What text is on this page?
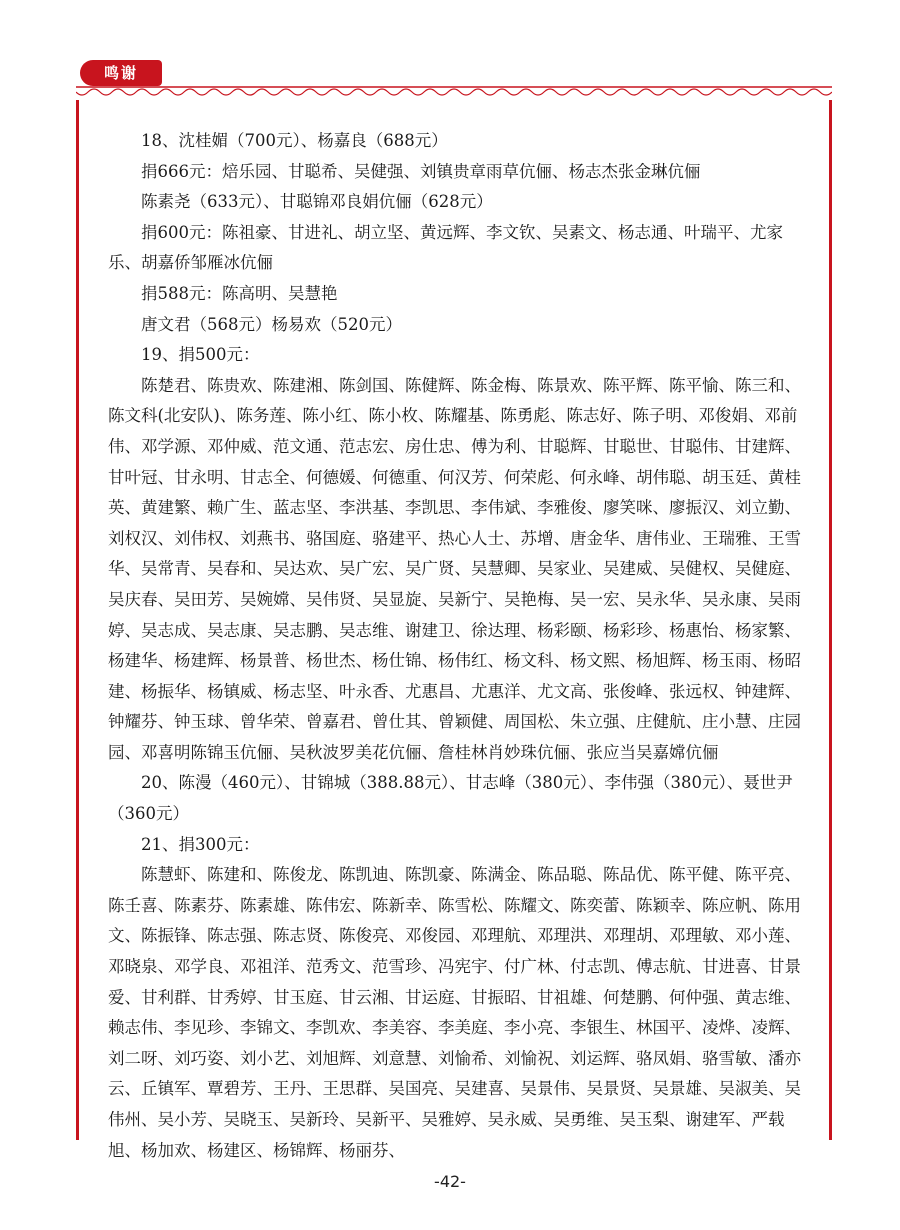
鸣谢

18、沈桂媚（700元）、杨嘉良（688元）

捐666元：焙乐园、甘聪希、吴健强、刘镇贵章雨草伉俪、杨志杰张金琳伉俪

陈素尧（633元）、甘聪锦邓良娟伉俪（628元）

捐600元：陈祖豪、甘进礼、胡立坚、黄远辉、李文钦、吴素文、杨志通、叶瑞平、尤家乐、胡嘉侨邹雁冰伉俪

捐588元：陈高明、吴慧艳

唐文君（568元）杨易欢（520元）

19、捐500元：

陈楚君、陈贵欢、陈建湘、陈剑国、陈健辉、陈金梅、陈景欢、陈平辉、陈平愉、陈三和、陈文科(北安队)、陈务莲、陈小红、陈小枚、陈耀基、陈勇彪、陈志好、陈子明、邓俊娟、邓前伟、邓学源、邓仲威、范文通、范志宏、房仕忠、傅为利、甘聪辉、甘聪世、甘聪伟、甘建辉、甘叶冠、甘永明、甘志全、何德媛、何德重、何汉芳、何荣彪、何永峰、胡伟聪、胡玉廷、黄桂英、黄建繁、赖广生、蓝志坚、李洪基、李凯思、李伟斌、李雅俊、廖笑咪、廖振汉、刘立勤、刘权汉、刘伟权、刘燕书、骆国庭、骆建平、热心人士、苏增、唐金华、唐伟业、王瑞雅、王雪华、吴常青、吴春和、吴达欢、吴广宏、吴广贤、吴慧卿、吴家业、吴建威、吴健权、吴健庭、吴庆春、吴田芳、吴婉嫦、吴伟贤、吴显旋、吴新宁、吴艳梅、吴一宏、吴永华、吴永康、吴雨婷、吴志成、吴志康、吴志鹏、吴志维、谢建卫、徐达理、杨彩颐、杨彩珍、杨惠怡、杨家繁、杨建华、杨建辉、杨景普、杨世杰、杨仕锦、杨伟红、杨文科、杨文熙、杨旭辉、杨玉雨、杨昭建、杨振华、杨镇威、杨志坚、叶永香、尤惠昌、尤惠洋、尤文高、张俊峰、张远权、钟建辉、钟耀芬、钟玉球、曾华荣、曾嘉君、曾仕其、曾颖健、周国松、朱立强、庄健航、庄小慧、庄园园、邓喜明陈锦玉伉俪、吴秋波罗美花伉俪、詹桂林肖妙珠伉俪、张应当吴嘉嫦伉俪

20、陈漫（460元）、甘锦城（388.88元）、甘志峰（380元）、李伟强（380元）、聂世尹（360元）

21、捐300元：

陈慧虾、陈建和、陈俊龙、陈凯迪、陈凯豪、陈满金、陈品聪、陈品优、陈平健、陈平亮、陈壬喜、陈素芬、陈素雄、陈伟宏、陈新幸、陈雪松、陈耀文、陈奕蕾、陈颖幸、陈应帆、陈用文、陈振锋、陈志强、陈志贤、陈俊亮、邓俊园、邓理航、邓理洪、邓理胡、邓理敏、邓小莲、邓晓泉、邓学良、邓祖洋、范秀文、范雪珍、冯宪宇、付广林、付志凯、傅志航、甘进喜、甘景爱、甘利群、甘秀婷、甘玉庭、甘云湘、甘运庭、甘振昭、甘祖雄、何楚鹏、何仲强、黄志维、赖志伟、李见珍、李锦文、李凯欢、李美容、李美庭、李小亮、李银生、林国平、凌烨、凌辉、刘二呀、刘巧姿、刘小艺、刘旭辉、刘意慧、刘愉希、刘愉祝、刘运辉、骆凤娟、骆雪敏、潘亦云、丘镇军、覃碧芳、王丹、王思群、吴国亮、吴建喜、吴景伟、吴景贤、吴景雄、吴淑美、吴伟州、吴小芳、吴晓玉、吴新玲、吴新平、吴雅婷、吴永威、吴勇维、吴玉梨、谢建军、严载旭、杨加欢、杨建区、杨锦辉、杨丽芬、

-42-
